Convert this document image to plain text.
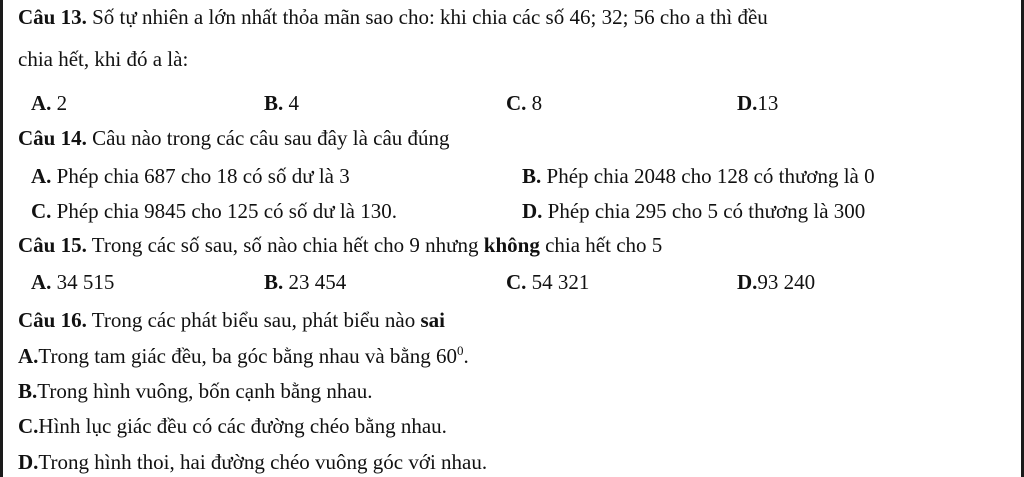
Câu 13. Số tự nhiên a lớn nhất thỏa mãn sao cho: khi chia các số 46; 32; 56 cho a thì đều
chia hết, khi đó a là:
A. 2	B. 4	C. 8	D.13
Câu 14. Câu nào trong các câu sau đây là câu đúng
A. Phép chia 687 cho 18 có số dư là 3	B. Phép chia 2048 cho 128 có thương là 0
C. Phép chia 9845 cho 125 có số dư là 130.	D. Phép chia 295 cho 5 có thương là 300
Câu 15. Trong các số sau, số nào chia hết cho 9 nhưng không chia hết cho 5
A. 34 515	B. 23 454	C. 54 321	D.93 240
Câu 16. Trong các phát biểu sau, phát biểu nào sai
A.Trong tam giác đều, ba góc bằng nhau và bằng $60^0$.
B.Trong hình vuông, bốn cạnh bằng nhau.
C.Hình lục giác đều có các đường chéo bằng nhau.
D.Trong hình thoi, hai đường chéo vuông góc với nhau.
